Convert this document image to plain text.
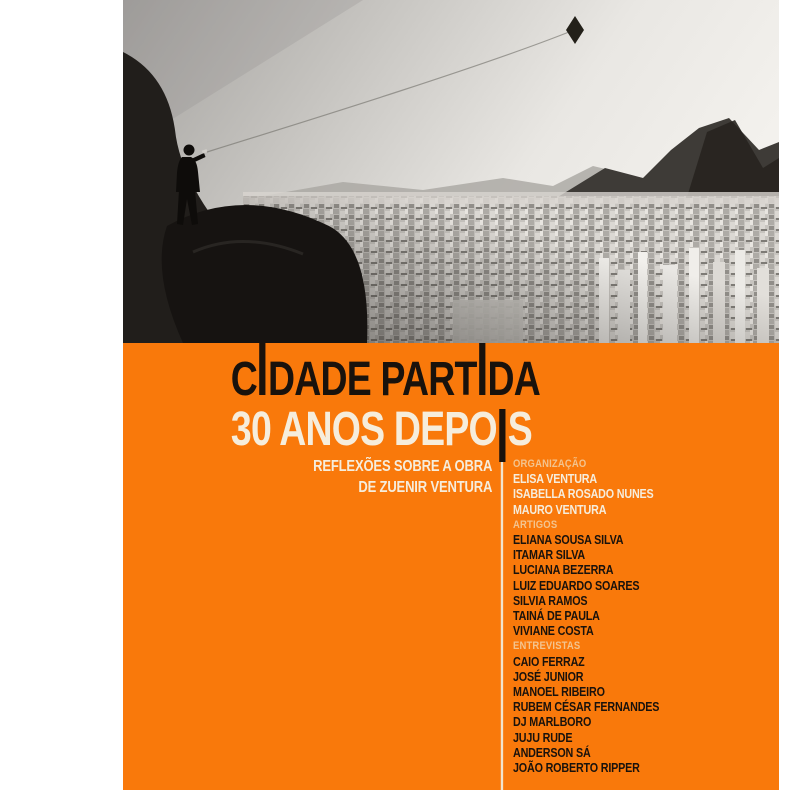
C DADE PART DA
30 ANOS DEPO S
REFLEXÕES SOBRE A OBRA
DE ZUENIR VENTURA
ORGANIZAÇÃO
ELISA VENTURA
ISABELLA ROSADO NUNES
MAURO VENTURA
ARTIGOS
ELIANA SOUSA SILVA
ITAMAR SILVA
LUCIANA BEZERRA
LUIZ EDUARDO SOARES
SILVIA RAMOS
TAINÁ DE PAULA
VIVIANE COSTA
ENTREVISTAS
CAIO FERRAZ
JOSÉ JUNIOR
MANOEL RIBEIRO
RUBEM CÉSAR FERNANDES
DJ MARLBORO
JUJU RUDE
ANDERSON SÁ
JOÃO ROBERTO RIPPER
